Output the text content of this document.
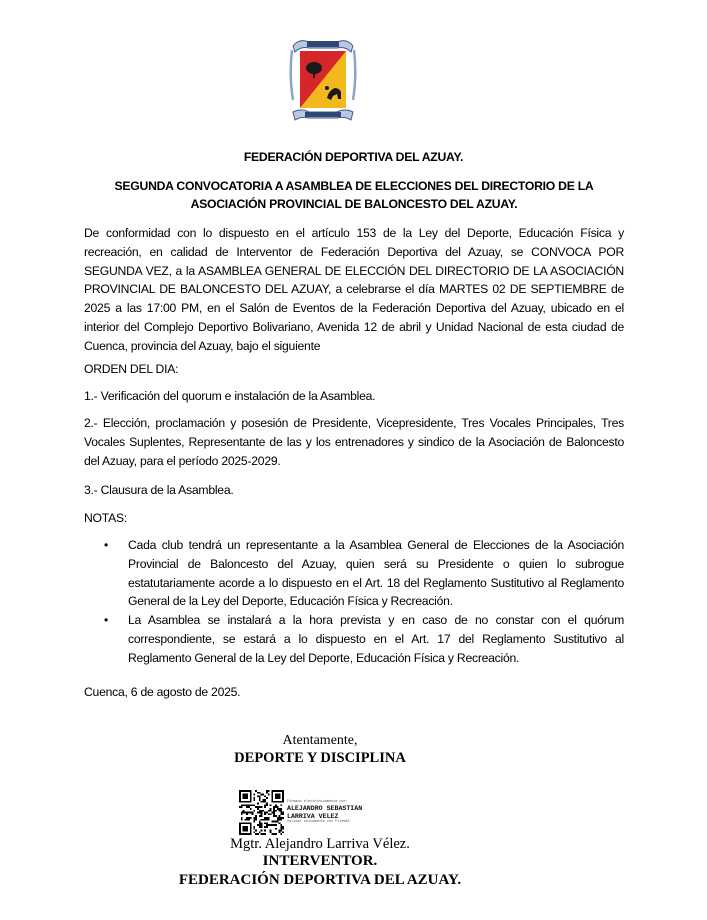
FEDERACIÓN DEPORTIVA DEL AZUAY.
SEGUNDA CONVOCATORIA A ASAMBLEA DE ELECCIONES DEL DIRECTORIO DE LA ASOCIACIÓN PROVINCIAL DE BALONCESTO DEL AZUAY.
De conformidad con lo dispuesto en el artículo 153 de la Ley del Deporte, Educación Física y recreación, en calidad de Interventor de Federación Deportiva del Azuay, se CONVOCA POR SEGUNDA VEZ, a la ASAMBLEA GENERAL DE ELECCIÓN DEL DIRECTORIO DE LA ASOCIACIÓN PROVINCIAL DE BALONCESTO DEL AZUAY, a celebrarse el día MARTES 02 DE SEPTIEMBRE de 2025 a las 17:00 PM, en el Salón de Eventos de la Federación Deportiva del Azuay, ubicado en el interior del Complejo Deportivo Bolivariano, Avenida 12 de abril y Unidad Nacional de esta ciudad de Cuenca, provincia del Azuay, bajo el siguiente
ORDEN DEL DIA:
1.- Verificación del quorum e instalación de la Asamblea.
2.- Elección, proclamación y posesión de Presidente, Vicepresidente, Tres Vocales Principales, Tres Vocales Suplentes, Representante de las y los entrenadores y sindico de la Asociación de Baloncesto del Azuay, para el período 2025-2029.
3.- Clausura de la Asamblea.
NOTAS:
• Cada club tendrá un representante a la Asamblea General de Elecciones de la Asociación Provincial de Baloncesto del Azuay, quien será su Presidente o quien lo subrogue estatutariamente acorde a lo dispuesto en el Art. 18 del Reglamento Sustitutivo al Reglamento General de la Ley del Deporte, Educación Física y Recreación.
• La Asamblea se instalará a la hora prevista y en caso de no constar con el quórum correspondiente, se estará a lo dispuesto en el Art. 17 del Reglamento Sustitutivo al Reglamento General de la Ley del Deporte, Educación Física y Recreación.
Cuenca, 6 de agosto de 2025.
Atentamente,
DEPORTE Y DISCIPLINA
Firmado electrónicamente por:
ALEJANDRO SEBASTIAN
LARRIVA VELEZ
Validar únicamente con FirmaEC
Mgtr. Alejandro Larriva Vélez.
INTERVENTOR.
FEDERACIÓN DEPORTIVA DEL AZUAY.
